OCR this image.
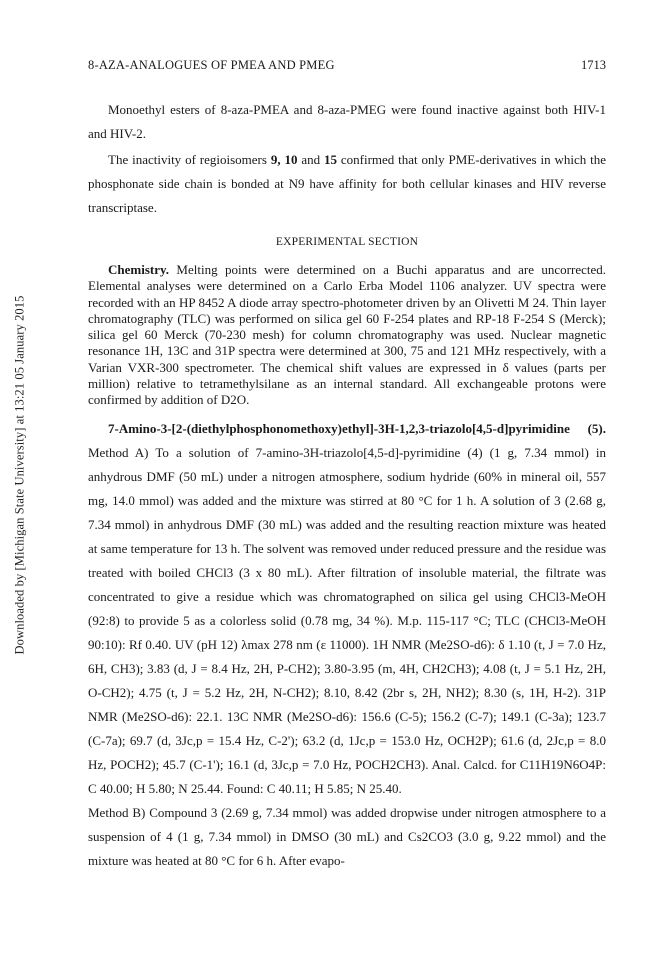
Downloaded by [Michigan State University] at 13:21 05 January 2015
8-AZA-ANALOGUES OF PMEA AND PMEG	1713

Monoethyl esters of 8-aza-PMEA and 8-aza-PMEG were found inactive against both HIV-1 and HIV-2.

The inactivity of regioisomers 9, 10 and 15 confirmed that only PME-derivatives in which the phosphonate side chain is bonded at N9 have affinity for both cellular kinases and HIV reverse transcriptase.

EXPERIMENTAL SECTION

Chemistry. Melting points were determined on a Buchi apparatus and are uncorrected. Elemental analyses were determined on a Carlo Erba Model 1106 analyzer. UV spectra were recorded with an HP 8452 A diode array spectro-photometer driven by an Olivetti M 24. Thin layer chromatography (TLC) was performed on silica gel 60 F-254 plates and RP-18 F-254 S (Merck); silica gel 60 Merck (70-230 mesh) for column chromatography was used. Nuclear magnetic resonance 1H, 13C and 31P spectra were determined at 300, 75 and 121 MHz respectively, with a Varian VXR-300 spectrometer. The chemical shift values are expressed in δ values (parts per million) relative to tetramethylsilane as an internal standard. All exchangeable protons were confirmed by addition of D2O.

7-Amino-3-[2-(diethylphosphonomethoxy)ethyl]-3H-1,2,3-triazolo[4,5-d]pyrimidine (5). Method A) To a solution of 7-amino-3H-triazolo[4,5-d]-pyrimidine (4) (1 g, 7.34 mmol) in anhydrous DMF (50 mL) under a nitrogen atmosphere, sodium hydride (60% in mineral oil, 557 mg, 14.0 mmol) was added and the mixture was stirred at 80 °C for 1 h. A solution of 3 (2.68 g, 7.34 mmol) in anhydrous DMF (30 mL) was added and the resulting reaction mixture was heated at same temperature for 13 h. The solvent was removed under reduced pressure and the residue was treated with boiled CHCl3 (3 x 80 mL). After filtration of insoluble material, the filtrate was concentrated to give a residue which was chromatographed on silica gel using CHCl3-MeOH (92:8) to provide 5 as a colorless solid (0.78 mg, 34 %). M.p. 115-117 °C; TLC (CHCl3-MeOH 90:10): Rf 0.40. UV (pH 12) λmax 278 nm (ε 11000). 1H NMR (Me2SO-d6): δ 1.10 (t, J = 7.0 Hz, 6H, CH3); 3.83 (d, J = 8.4 Hz, 2H, P-CH2); 3.80-3.95 (m, 4H, CH2CH3); 4.08 (t, J = 5.1 Hz, 2H, O-CH2); 4.75 (t, J = 5.2 Hz, 2H, N-CH2); 8.10, 8.42 (2br s, 2H, NH2); 8.30 (s, 1H, H-2). 31P NMR (Me2SO-d6): 22.1. 13C NMR (Me2SO-d6): 156.6 (C-5); 156.2 (C-7); 149.1 (C-3a); 123.7 (C-7a); 69.7 (d, 3Jc,p = 15.4 Hz, C-2'); 63.2 (d, 1Jc,p = 153.0 Hz, OCH2P); 61.6 (d, 2Jc,p = 8.0 Hz, POCH2); 45.7 (C-1'); 16.1 (d, 3Jc,p = 7.0 Hz, POCH2CH3). Anal. Calcd. for C11H19N6O4P: C 40.00; H 5.80; N 25.44. Found: C 40.11; H 5.85; N 25.40.

Method B) Compound 3 (2.69 g, 7.34 mmol) was added dropwise under nitrogen atmosphere to a suspension of 4 (1 g, 7.34 mmol) in DMSO (30 mL) and Cs2CO3 (3.0 g, 9.22 mmol) and the mixture was heated at 80 °C for 6 h. After evapo-
